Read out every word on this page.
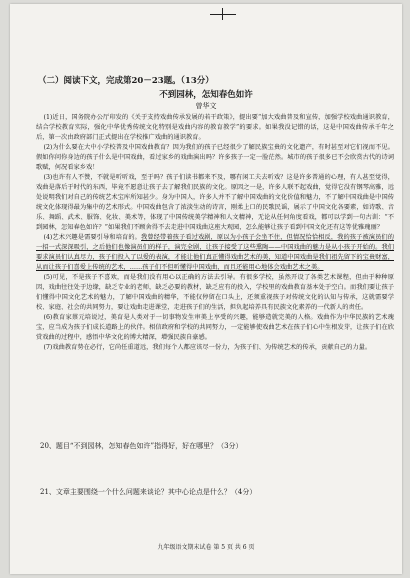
（二）阅读下文，完成第20－23题。（13分）
不到园林，怎知春色如许
曾华文

(1)近日，国务院办公厅印发的《关于支持戏曲传承发展的若干政策》，提出要“加大戏曲普及和宣传，加强学校戏曲通识教育，结合学校教育实际，强化中华优秀传统文化特别是戏曲内容的教育教学”的要求。如果我没记错的话，这是中国戏曲传承千年之后，第一次由政府部门正式提出在学校推广戏曲的通识教育。

(2)为什么要在大中小学校普及中国戏曲教育？因为我们的孩子已经很少了解民族宝贵的文化遗产，有时甚至对它们视而不见。假如你问你身边的孩子什么是中国戏曲，看过家乡的戏曲演出吗？许多孩子一定一脸茫然。城市的孩子很多已不会欣赏古代的诗词歌赋，何况看家乡戏！

(3)也许有人不赞，不就是听听戏，至于吗？孩子们读书都来不及，哪有闲工夫去听戏？这是许多普通的心理，有人甚至觉得，戏曲是落后于时代的东西，毕竟不愿意让孩子去了解我们民族的文化。原因之一是，许多人联不起戏曲，觉得它没有钢琴高雅，远处说明我们对自己的传统艺术宝库所知甚少。身为中国人，许多人并不了解中国戏曲的文化价值和魅力，不了解中国戏曲是中国传统文化体现得最为集中的艺术形式。中国戏曲包含了浓淡生动的诗言，刚柔上口的民歌民谣，展示了中国文化各要素，如诗歌、音乐、舞蹈、武术、服饰、化妆、美术等，体现了中国传统美学精神和人文精神，无论从任何角度看戏，都可以学到一句古训：“不到园林，怎知春色如许？”如果我们不顾舍得不去走进中国戏曲这座大观园，怎么能够让孩子看到中国文化还有这等优雅瑰丽？

(4)艺术兴趣是需要引导和培育的。我曾经带着孩子看过戏剧，原以为小孩子会坐不住，但情况恰恰相反，我的孩子被演员们的一招一式深深吸引，之后他们也像演员们的样子，演完全剧，让孩子接受了这些熏陶——中国戏曲的魅力是从小孩子开始的。我们要求演员们认真尽力，孩子们投入了以爱的表演，才能让他们真正懂得戏曲艺术的美，知道中国戏曲是我们祖先留下的宝贵财富，从而让孩子们喜爱上传统的艺术，……孩子们不但听懂得中国戏曲，而且还能用心地体会戏曲艺术之美。

(5)可见，不是孩子不喜欢，而是我们没有用心以正确的方法去引导。有很多学校，虽然开设了各类艺术课程，但由于种种原因，戏曲往往处于边缘，缺乏专业的老师，缺乏必要的教材，缺乏应有的投入，学校里的戏曲教育基本处于空白。而我们要让孩子们懂得中国文化艺术的魅力，了解中国戏曲的精华，不能仅停留在口头上，还须重视孩子对传统文化的认知与传承，这就需要学校、家庭、社会的共同努力，要让戏曲走进课堂，走进孩子们的生活，担负起培养具有民族文化素养的一代新人的责任。

(6)教育家蔡元培说过，美育是人类对于一切事物发生审美上享受的兴趣，能够造就完美的人格。戏曲作为中华民族的艺术瑰宝，应当成为孩子们成长道路上的伙伴。相信政府和学校的共同努力，一定能够使戏曲艺术在孩子们心中生根发芽，让孩子们在欣赏戏曲的过程中，感悟中华文化的博大精深，增强民族自豪感。

(7)戏曲教育势在必行，它尚任重道远，我们每个人都应该尽一份力，为孩子们、为传统艺术的传承，贡献自己的力量。

20、题目“不到园林，怎知春色如许”指得好，好在哪里？（3分）
21、文章主要围绕一个什么问题来谈论？其中心论点是什么？（4分）
九年级语文期末试卷 第 5 页 共 6 页
